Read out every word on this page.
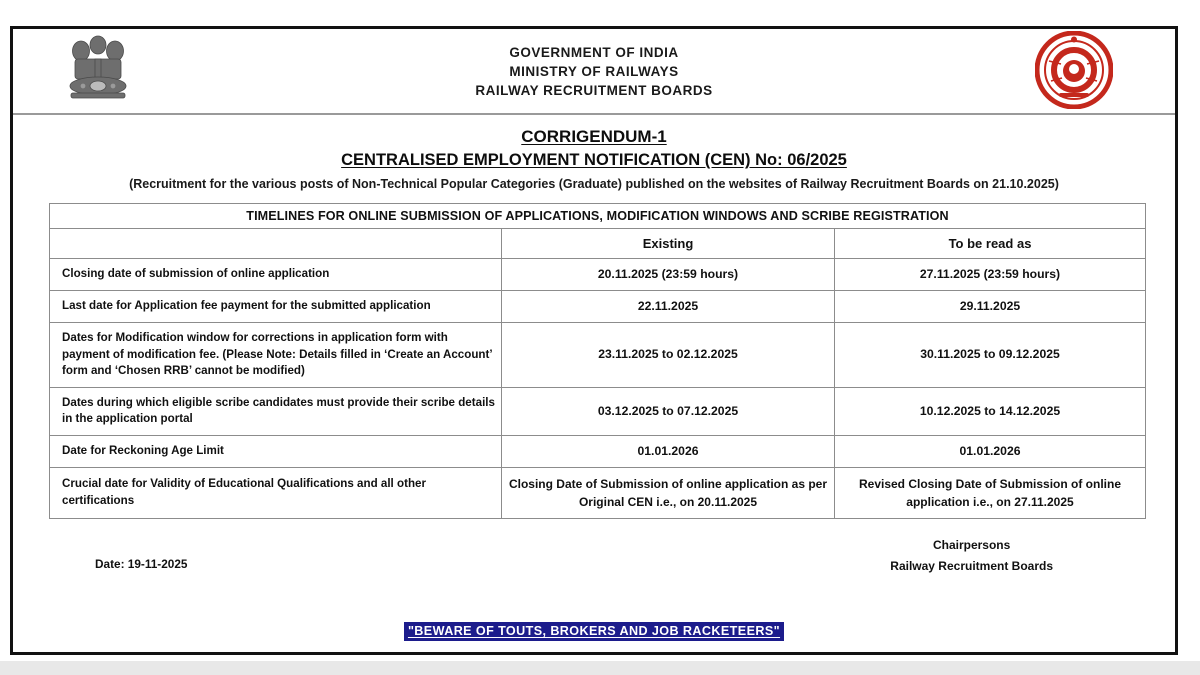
GOVERNMENT OF INDIA
MINISTRY OF RAILWAYS
RAILWAY RECRUITMENT BOARDS
CORRIGENDUM-1
CENTRALISED EMPLOYMENT NOTIFICATION (CEN) No: 06/2025
(Recruitment for the various posts of Non-Technical Popular Categories (Graduate) published on the websites of Railway Recruitment Boards on 21.10.2025)
TIMELINES FOR ONLINE SUBMISSION OF APPLICATIONS, MODIFICATION WINDOWS AND SCRIBE REGISTRATION		
	Existing	To be read as
Closing date of submission of online application	20.11.2025 (23:59 hours)	27.11.2025 (23:59 hours)
Last date for Application fee payment for the submitted application	22.11.2025	29.11.2025
Dates for Modification window for corrections in application form with payment of modification fee. (Please Note: Details filled in ‘Create an Account’ form and ‘Chosen RRB’ cannot be modified)	23.11.2025 to 02.12.2025	30.11.2025 to 09.12.2025
Dates during which eligible scribe candidates must provide their scribe details in the application portal	03.12.2025 to 07.12.2025	10.12.2025 to 14.12.2025
Date for Reckoning Age Limit	01.01.2026	01.01.2026
Crucial date for Validity of Educational Qualifications and all other certifications	Closing Date of Submission of online application as per Original CEN i.e., on 20.11.2025	Revised Closing Date of Submission of online application i.e., on 27.11.2025
Date: 19-11-2025
Chairpersons
Railway Recruitment Boards
"BEWARE OF TOUTS, BROKERS AND JOB RACKETEERS"
